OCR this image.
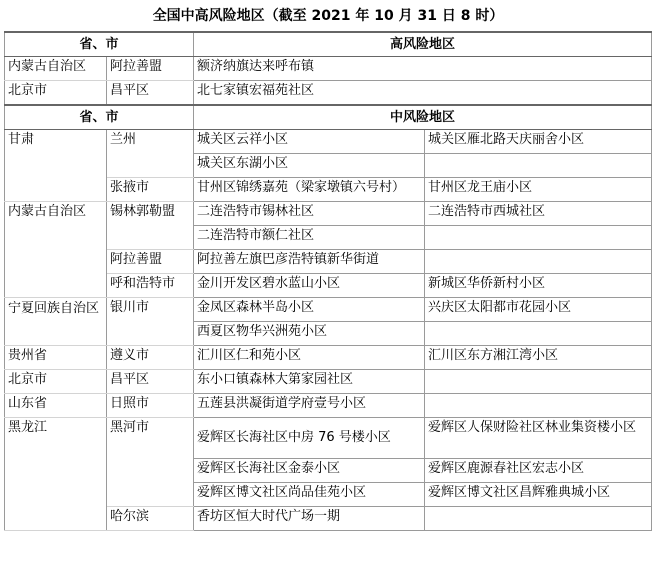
全国中高风险地区（截至 2021 年 10 月 31 日 8 时）			
省、市		高风险地区	
内蒙古自治区	阿拉善盟	额济纳旗达来呼布镇	
北京市	昌平区	北七家镇宏福苑社区	
省、市		中风险地区	
甘肃	兰州	城关区云祥小区	城关区雁北路天庆丽舍小区
		城关区东湖小区	
	张掖市	甘州区锦绣嘉苑（梁家墩镇六号村）	甘州区龙王庙小区
内蒙古自治区	锡林郭勒盟	二连浩特市锡林社区	二连浩特市西城社区
		二连浩特市额仁社区	
	阿拉善盟	阿拉善左旗巴彦浩特镇新华街道	
	呼和浩特市	金川开发区碧水蓝山小区	新城区华侨新村小区
宁夏回族自治区	银川市	金凤区森林半岛小区	兴庆区太阳都市花园小区
		西夏区物华兴洲苑小区	
贵州省	遵义市	汇川区仁和苑小区	汇川区东方湘江湾小区
北京市	昌平区	东小口镇森林大第家园社区	
山东省	日照市	五莲县洪凝街道学府壹号小区	
黑龙江	黑河市	爱辉区长海社区中房 76 号楼小区	爱辉区人保财险社区林业集资楼小区
		爱辉区长海社区金泰小区	爱辉区鹿源春社区宏志小区
		爱辉区博文社区尚品佳苑小区	爱辉区博文社区昌辉雅典城小区
	哈尔滨	香坊区恒大时代广场一期	
